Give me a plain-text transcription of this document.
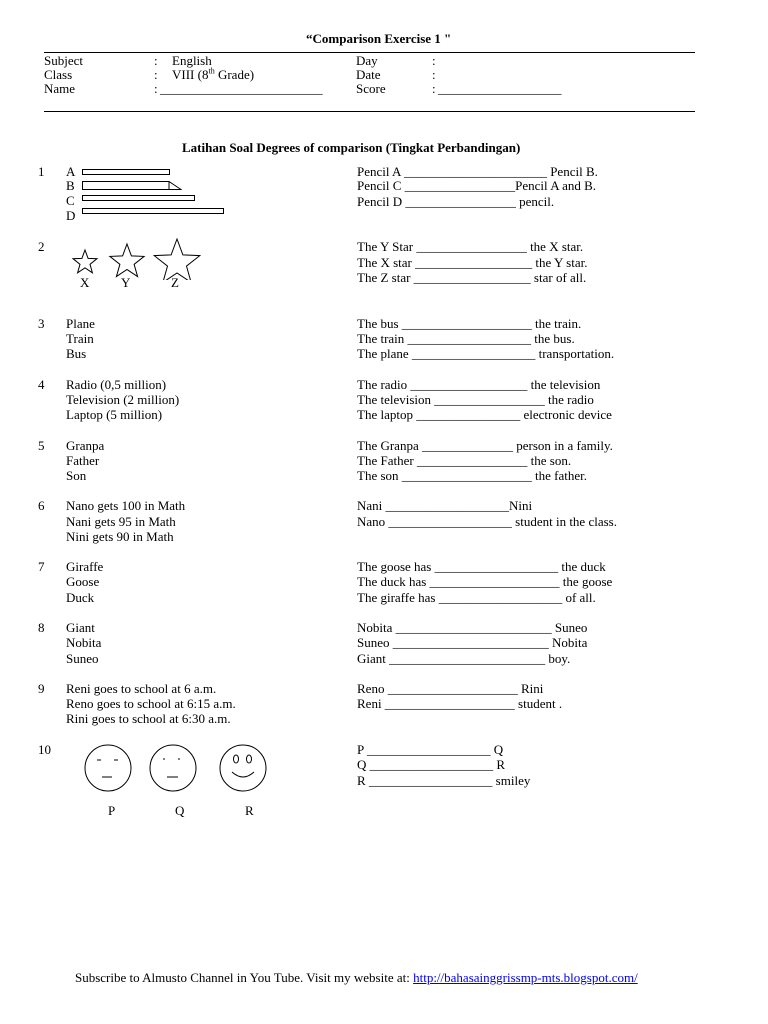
“Comparison Exercise 1 "
Subject	: English
Class	: VIII (8th Grade)
Name	: _________________________
Day	:
Date	:
Score	: ___________________
Latihan Soal Degrees of comparison (Tingkat Perbandingan)
1 A
B
C
D
Pencil A ______________________ Pencil B.
Pencil C _________________Pencil A and B.
Pencil D _________________ pencil.
2
X Y	Z
The Y Star _________________ the X star.
The X star __________________ the Y star.
The Z star __________________ star of all.
3 Plane
Train
Bus
The bus ____________________ the train.
The train ___________________ the bus.
The plane ___________________ transportation.
4 Radio (0,5 million)
Television (2 million)
Laptop (5 million)
The radio __________________ the television
The television _________________ the radio
The laptop ________________ electronic device
5 Granpa
Father
Son
The Granpa ______________ person in a family.
The Father _________________ the son.
The son ____________________ the father.
6 Nano gets 100 in Math
Nani gets 95 in Math
Nini gets 90 in Math
Nani ___________________Nini
Nano ___________________ student in the class.
7 Giraffe
Goose
Duck
The goose has ___________________ the duck
The duck has ____________________ the goose
The giraffe has ___________________ of all.
8 Giant
Nobita
Suneo
Nobita ________________________ Suneo
Suneo ________________________ Nobita
Giant ________________________ boy.
9 Reni goes to school at 6 a.m.
Reno goes to school at 6:15 a.m.
Rini goes to school at 6:30 a.m.
Reno ____________________ Rini
Reni ____________________ student .
10
P	Q	R
P ___________________ Q
Q ___________________ R
R ___________________ smiley
Subscribe to Almusto Channel in You Tube. Visit my website at: http://bahasainggrissmp-mts.blogspot.com/
